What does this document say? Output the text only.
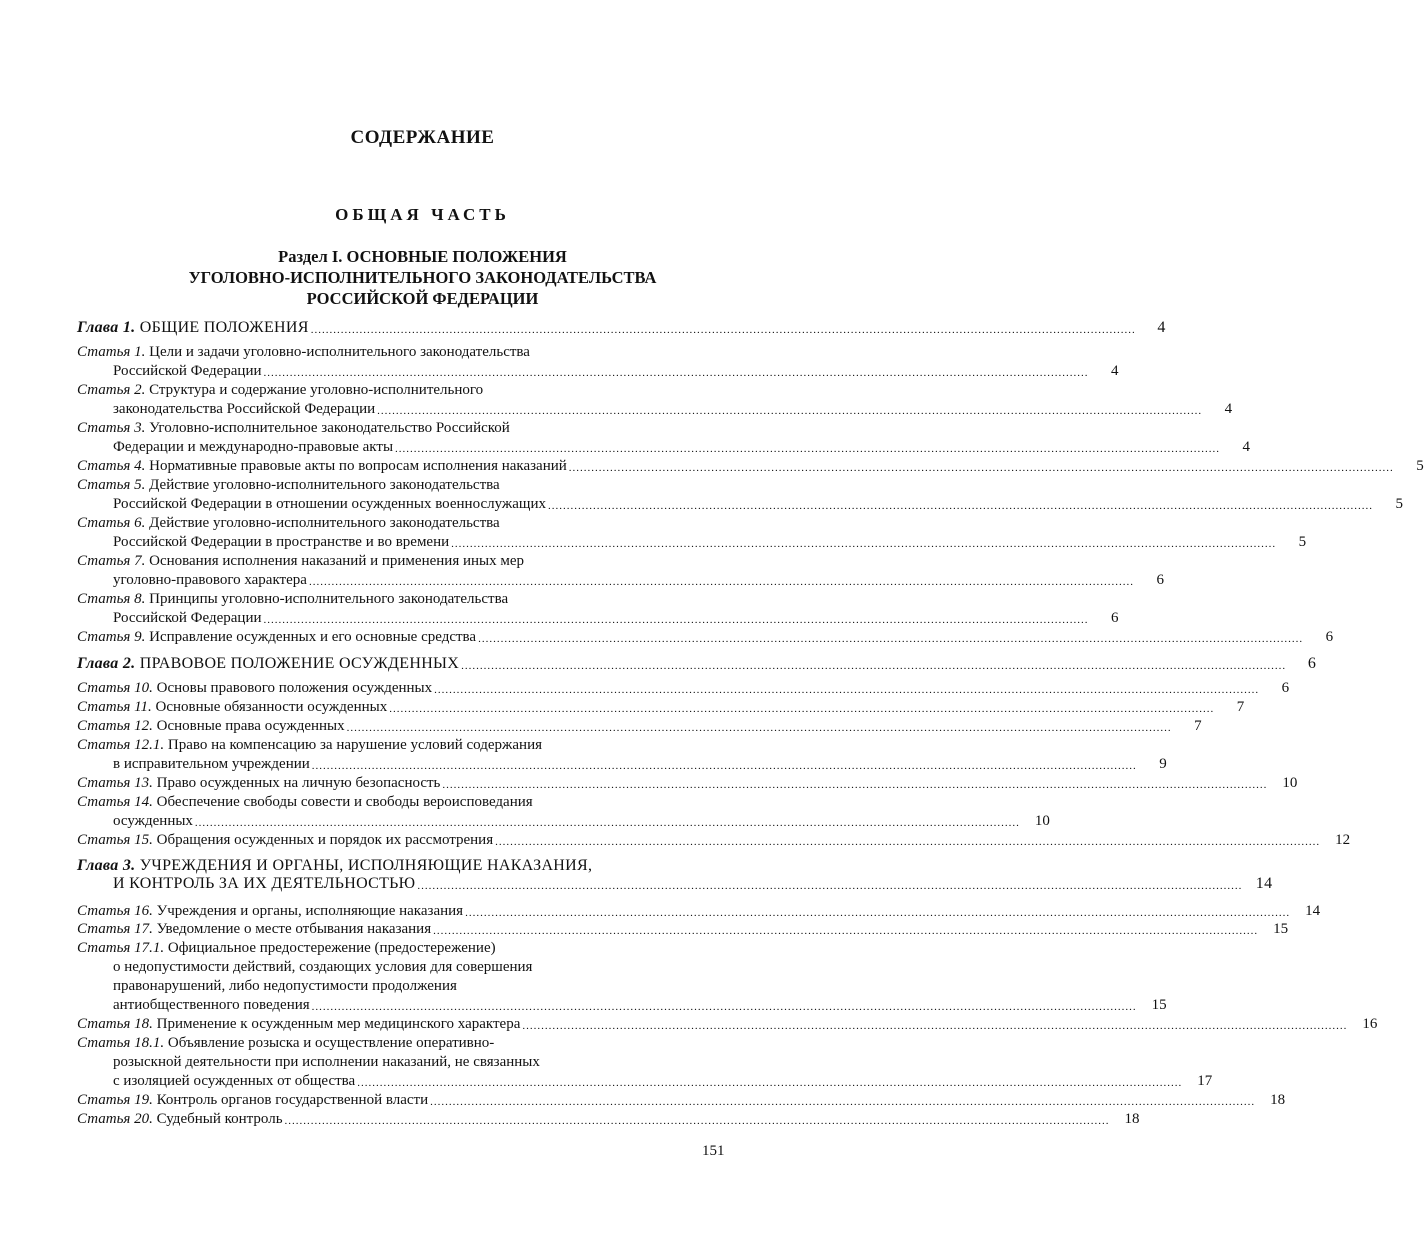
СОДЕРЖАНИЕ
ОБЩАЯ ЧАСТЬ
Раздел I. ОСНОВНЫЕ ПОЛОЖЕНИЯ
УГОЛОВНО-ИСПОЛНИТЕЛЬНОГО ЗАКОНОДАТЕЛЬСТВА
РОССИЙСКОЙ ФЕДЕРАЦИИ
Глава 1. ОБЩИЕ ПОЛОЖЕНИЯ ............................................................................................................................................................................................................................	4
Статья 1. Цели и задачи уголовно-исполнительного законодательства
Российской Федерации ............................................................................................................................................................................................................................	4
Статья 2. Структура и содержание уголовно-исполнительного
законодательства Российской Федерации ............................................................................................................................................................................................................................	4
Статья 3. Уголовно-исполнительное законодательство Российской
Федерации и международно-правовые акты ............................................................................................................................................................................................................................	4
Статья 4. Нормативные правовые акты по вопросам исполнения наказаний ............................................................................................................................................................................................................................	5
Статья 5. Действие уголовно-исполнительного законодательства
Российской Федерации в отношении осужденных военнослужащих ............................................................................................................................................................................................................................	5
Статья 6. Действие уголовно-исполнительного законодательства
Российской Федерации в пространстве и во времени ............................................................................................................................................................................................................................	5
Статья 7. Основания исполнения наказаний и применения иных мер
уголовно-правового характера ............................................................................................................................................................................................................................	6
Статья 8. Принципы уголовно-исполнительного законодательства
Российской Федерации ............................................................................................................................................................................................................................	6
Статья 9. Исправление осужденных и его основные средства ............................................................................................................................................................................................................................	6
Глава 2. ПРАВОВОЕ ПОЛОЖЕНИЕ ОСУЖДЕННЫХ ............................................................................................................................................................................................................................	6
Статья 10. Основы правового положения осужденных ............................................................................................................................................................................................................................	6
Статья 11. Основные обязанности осужденных ............................................................................................................................................................................................................................	7
Статья 12. Основные права осужденных ............................................................................................................................................................................................................................	7
Статья 12.1. Право на компенсацию за нарушение условий содержания
в исправительном учреждении ............................................................................................................................................................................................................................	9
Статья 13. Право осужденных на личную безопасность ............................................................................................................................................................................................................................	10
Статья 14. Обеспечение свободы совести и свободы вероисповедания
осужденных ............................................................................................................................................................................................................................	10
Статья 15. Обращения осужденных и порядок их рассмотрения ............................................................................................................................................................................................................................	12
Глава 3. УЧРЕЖДЕНИЯ И ОРГАНЫ, ИСПОЛНЯЮЩИЕ НАКАЗАНИЯ,
И КОНТРОЛЬ ЗА ИХ ДЕЯТЕЛЬНОСТЬЮ ............................................................................................................................................................................................................................ 14
Статья 16. Учреждения и органы, исполняющие наказания ............................................................................................................................................................................................................................	14
Статья 17. Уведомление о месте отбывания наказания ............................................................................................................................................................................................................................	15
Статья 17.1. Официальное предостережение (предостережение)
о недопустимости действий, создающих условия для совершения
правонарушений, либо недопустимости продолжения
антиобщественного поведения ............................................................................................................................................................................................................................	15
Статья 18. Применение к осужденным мер медицинского характера ............................................................................................................................................................................................................................	16
Статья 18.1. Объявление розыска и осуществление оперативно-
розыскной деятельности при исполнении наказаний, не связанных
с изоляцией осужденных от общества ............................................................................................................................................................................................................................	17
Статья 19. Контроль органов государственной власти ............................................................................................................................................................................................................................	18
Статья 20. Судебный контроль ............................................................................................................................................................................................................................	18
151
